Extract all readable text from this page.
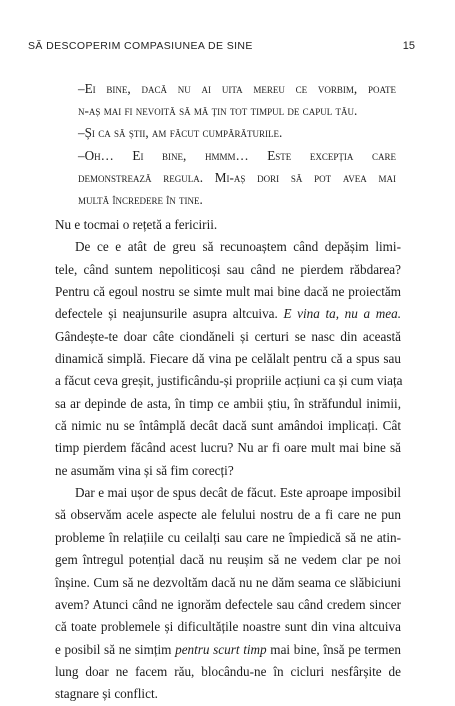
SĂ DESCOPERIM COMPASIUNEA DE SINE	15

–Ei bine, dacă nu ai uita mereu ce vorbim, poate
n-aș mai fi nevoită să mă țin tot timpul de capul tău.

–Și ca să știi, am făcut cumpărăturile.

–Oh… Ei bine, hmmm… Este excepția care
demonstrează regula. Mi-aș dori să pot avea mai
multă încredere în tine.

Nu e tocmai o rețetă a fericirii.

De ce e atât de greu să recunoaștem când depășim limi-
tele, când suntem nepoliticoși sau când ne pierdem răbdarea?
Pentru că egoul nostru se simte mult mai bine dacă ne proiectăm
defectele și neajunsurile asupra altcuiva. E vina ta, nu a mea.
Gândește-te doar câte ciondăneli și certuri se nasc din această
dinamică simplă. Fiecare dă vina pe celălalt pentru că a spus sau
a făcut ceva greșit, justificându-și propriile acțiuni ca și cum viața
sa ar depinde de asta, în timp ce ambii știu, în străfundul inimii,
că nimic nu se întâmplă decât dacă sunt amândoi implicați. Cât
timp pierdem făcând acest lucru? Nu ar fi oare mult mai bine să
ne asumăm vina și să fim corecți?

Dar e mai ușor de spus decât de făcut. Este aproape imposibil
să observăm acele aspecte ale felului nostru de a fi care ne pun
probleme în relațiile cu ceilalți sau care ne împiedică să ne atin-
gem întregul potențial dacă nu reușim să ne vedem clar pe noi
înșine. Cum să ne dezvoltăm dacă nu ne dăm seama ce slăbiciuni
avem? Atunci când ne ignorăm defectele sau când credem sincer
că toate problemele și dificultățile noastre sunt din vina altcuiva
e posibil să ne simțim pentru scurt timp mai bine, însă pe termen
lung doar ne facem rău, blocându-ne în cicluri nesfârșite de
stagnare și conflict.
